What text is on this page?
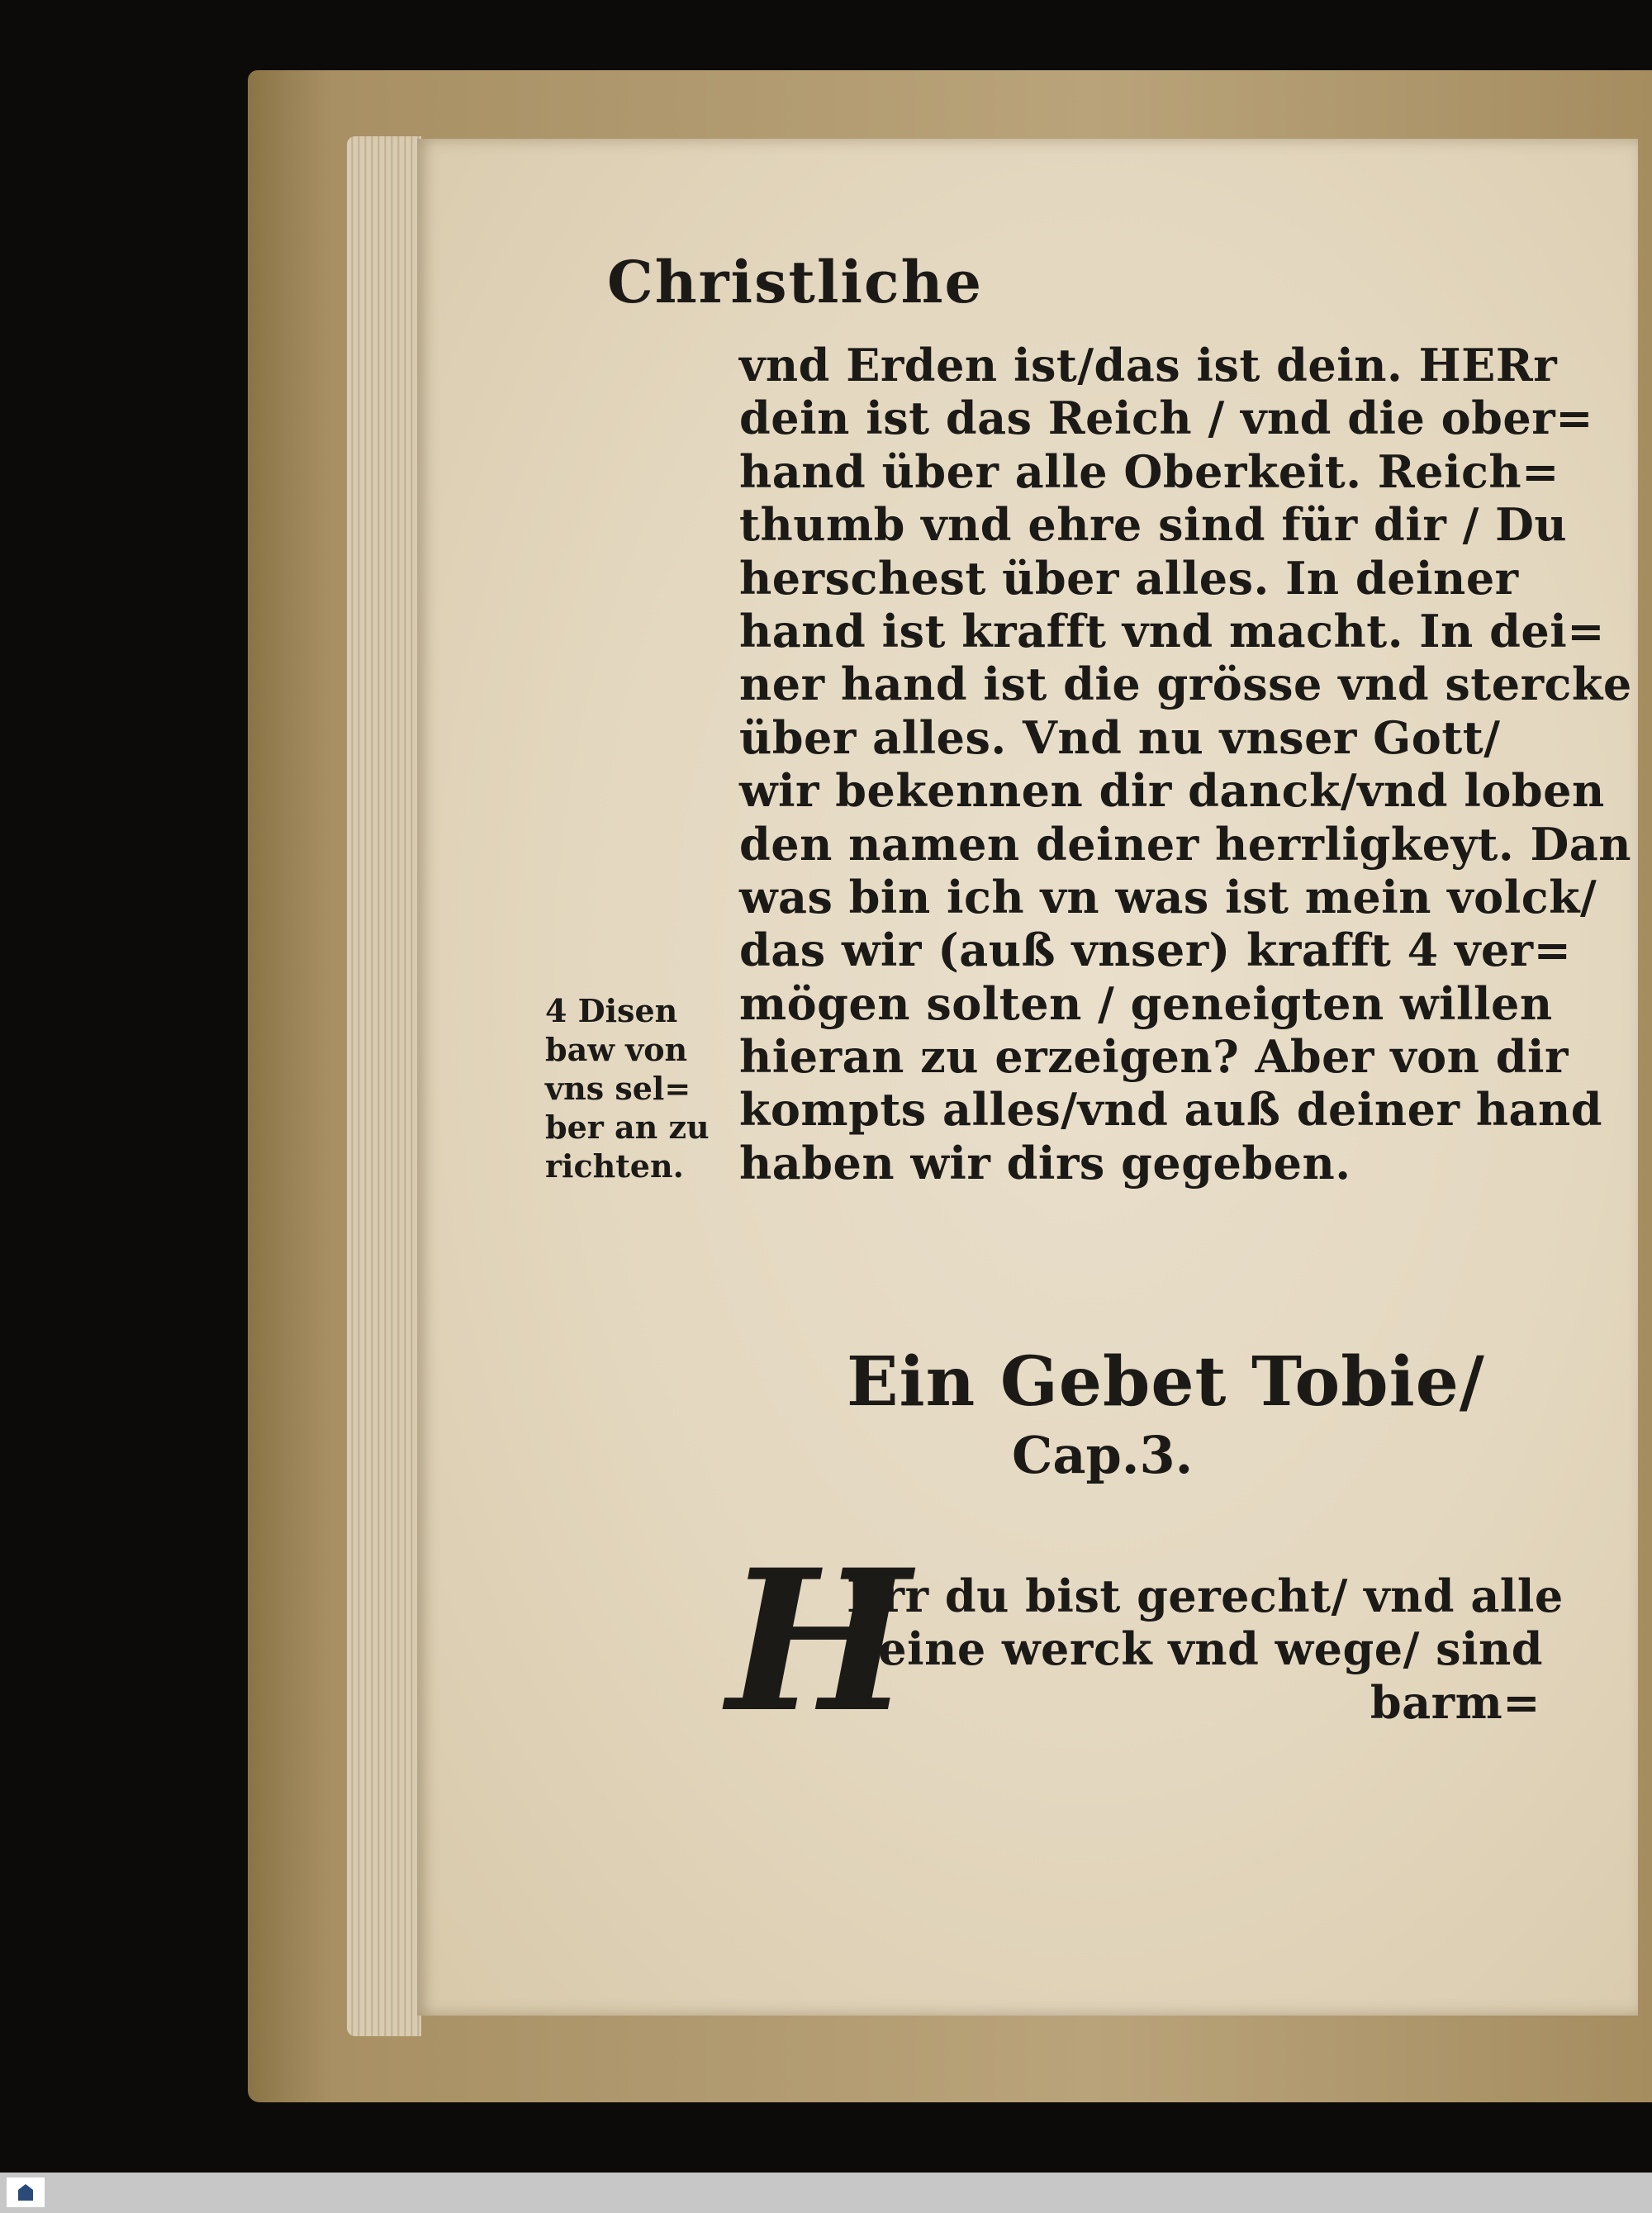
Christliche
vnd Erden ist/das ist dein. HERr
dein ist das Reich / vnd die ober=
hand über alle Oberkeit. Reich=
thumb vnd ehre sind für dir / Du
herschest über alles. In deiner
hand ist krafft vnd macht. In dei=
ner hand ist die grösse vnd stercke
über alles. Vnd nu vnser Gott/
wir bekennen dir danck/vnd loben
den namen deiner herrligkeyt. Dan
was bin ich vn was ist mein volck/
das wir (auß vnser) krafft 4 ver=
mögen solten / geneigten willen
hieran zu erzeigen? Aber von dir
kompts alles/vnd auß deiner hand
haben wir dirs gegeben.
4 Disen
baw von
vns sel=
ber an zu
richten.
Ein Gebet Tobie/
Cap.3.
H
Err du bist gerecht/ vnd alle
deine werck vnd wege/ sind
barm=
